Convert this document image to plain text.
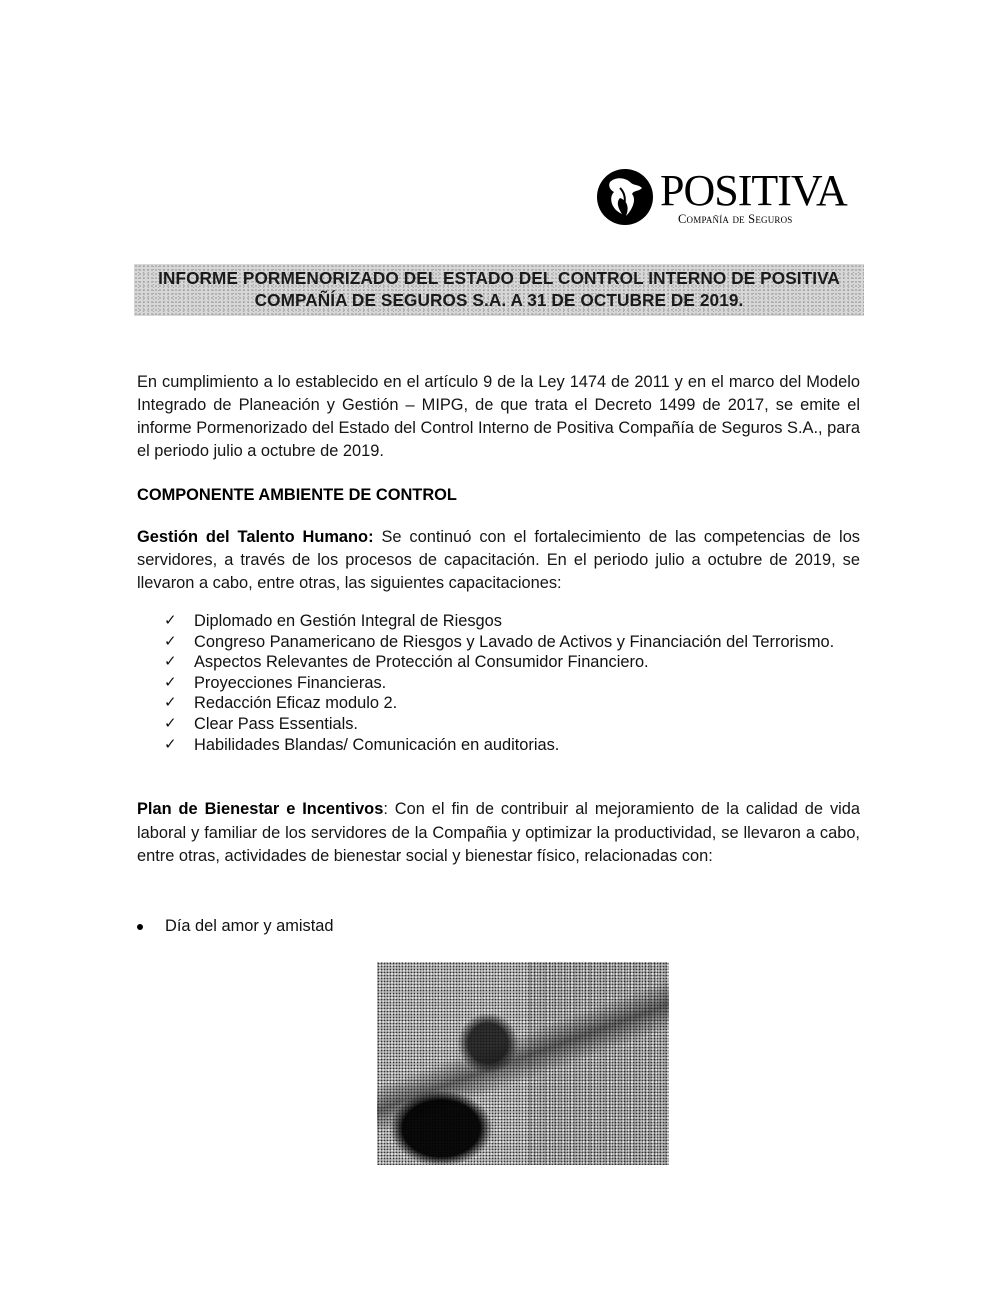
POSITIVA
Compañía de Seguros
INFORME PORMENORIZADO DEL ESTADO DEL CONTROL INTERNO DE POSITIVA
COMPAÑÍA DE SEGUROS S.A. A 31 DE OCTUBRE DE 2019.

En cumplimiento a lo establecido en el artículo 9 de la Ley 1474 de 2011 y en el marco del Modelo Integrado de Planeación y Gestión – MIPG, de que trata el Decreto 1499 de 2017, se emite el informe Pormenorizado del Estado del Control Interno de Positiva Compañía de Seguros S.A., para el periodo julio a octubre de 2019.

COMPONENTE AMBIENTE DE CONTROL

Gestión del Talento Humano: Se continuó con el fortalecimiento de las competencias de los servidores, a través de los procesos de capacitación. En el periodo julio a octubre de 2019, se llevaron a cabo, entre otras, las siguientes capacitaciones:

✓ Diplomado en Gestión Integral de Riesgos
✓ Congreso Panamericano de Riesgos y Lavado de Activos y Financiación del Terrorismo.
✓ Aspectos Relevantes de Protección al Consumidor Financiero.
✓ Proyecciones Financieras.
✓ Redacción Eficaz modulo 2.
✓ Clear Pass Essentials.
✓ Habilidades Blandas/ Comunicación en auditorias.

Plan de Bienestar e Incentivos: Con el fin de contribuir al mejoramiento de la calidad de vida laboral y familiar de los servidores de la Compañia y optimizar la productividad, se llevaron a cabo, entre otras, actividades de bienestar social y bienestar físico, relacionadas con:

Día del amor y amistad
